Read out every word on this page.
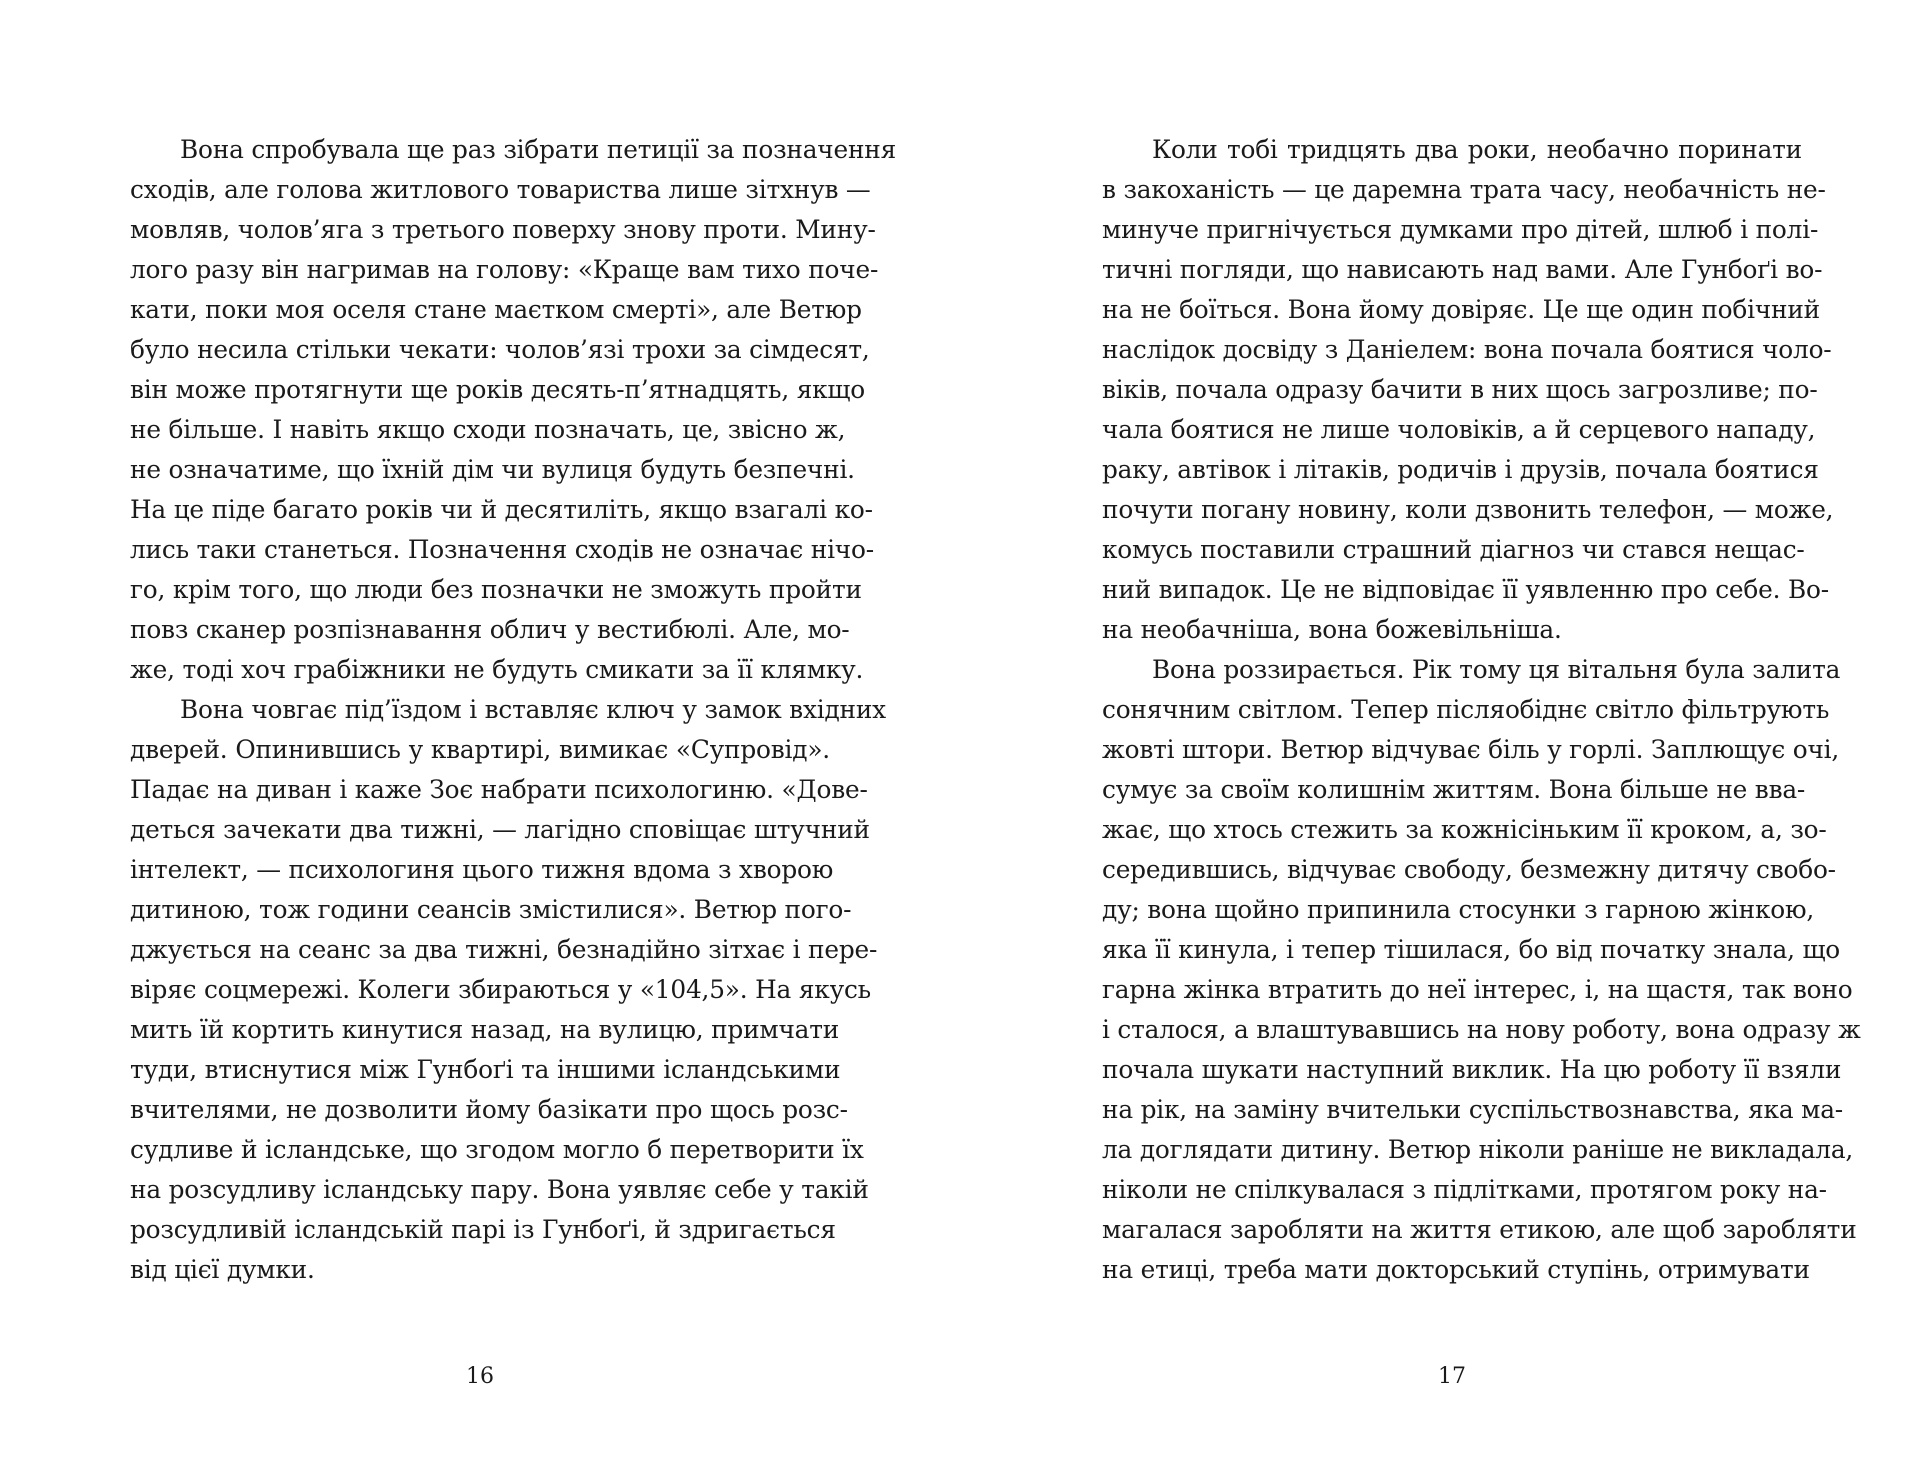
Вона спробувала ще раз зібрати петиції за позначення
сходів, але голова житлового товариства лише зітхнув —
мовляв, чолов’яга з третього поверху знову проти. Мину-
лого разу він нагримав на голову: «Краще вам тихо поче-
кати, поки моя оселя стане маєтком смерті», але Ветюр
було несила стільки чекати: чолов’язі трохи за сімдесят,
він може протягнути ще років десять-п’ятнадцять, якщо
не більше. І навіть якщо сходи позначать, це, звісно ж,
не означатиме, що їхній дім чи вулиця будуть безпечні.
На це піде багато років чи й десятиліть, якщо взагалі ко-
лись таки станеться. Позначення сходів не означає нічо-
го, крім того, що люди без позначки не зможуть пройти
повз сканер розпізнавання облич у вестибюлі. Але, мо-
же, тоді хоч грабіжники не будуть смикати за її клямку.
Вона човгає під’їздом і вставляє ключ у замок вхідних
дверей. Опинившись у квартирі, вимикає «Супровід».
Падає на диван і каже Зоє набрати психологиню. «Дове-
деться зачекати два тижні, — лагідно сповіщає штучний
інтелект, — психологиня цього тижня вдома з хворою
дитиною, тож години сеансів змістилися». Ветюр пого-
джується на сеанс за два тижні, безнадійно зітхає і пере-
віряє соцмережі. Колеги збираються у «104,5». На якусь
мить їй кортить кинутися назад, на вулицю, примчати
туди, втиснутися між Гунбоґі та іншими ісландськими
вчителями, не дозволити йому базікати про щось розс-
судливе й ісландське, що згодом могло б перетворити їх
на розсудливу ісландську пару. Вона уявляє себе у такій
розсудливій ісландській парі із Гунбоґі, й здригається
від цієї думки.
16
Коли тобі тридцять два роки, необачно поринати
в закоханість — це даремна трата часу, необачність не-
минуче пригнічується думками про дітей, шлюб і полі-
тичні погляди, що нависають над вами. Але Гунбоґі во-
на не боїться. Вона йому довіряє. Це ще один побічний
наслідок досвіду з Даніелем: вона почала боятися чоло-
віків, почала одразу бачити в них щось загрозливе; по-
чала боятися не лише чоловіків, а й серцевого нападу,
раку, автівок і літаків, родичів і друзів, почала боятися
почути погану новину, коли дзвонить телефон, — може,
комусь поставили страшний діагноз чи стався нещас-
ний випадок. Це не відповідає її уявленню про себе. Во-
на необачніша, вона божевільніша.
Вона роззирається. Рік тому ця вітальня була залита
сонячним світлом. Тепер післяобіднє світло фільтрують
жовті штори. Ветюр відчуває біль у горлі. Заплющує очі,
сумує за своїм колишнім життям. Вона більше не вва-
жає, що хтось стежить за кожнісіньким її кроком, а, зо-
середившись, відчуває свободу, безмежну дитячу свобо-
ду; вона щойно припинила стосунки з гарною жінкою,
яка її кинула, і тепер тішилася, бо від початку знала, що
гарна жінка втратить до неї інтерес, і, на щастя, так воно
і сталося, а влаштувавшись на нову роботу, вона одразу ж
почала шукати наступний виклик. На цю роботу її взяли
на рік, на заміну вчительки суспільствознавства, яка ма-
ла доглядати дитину. Ветюр ніколи раніше не викладала,
ніколи не спілкувалася з підлітками, протягом року на-
магалася заробляти на життя етикою, але щоб заробляти
на етиці, треба мати докторський ступінь, отримувати
17
